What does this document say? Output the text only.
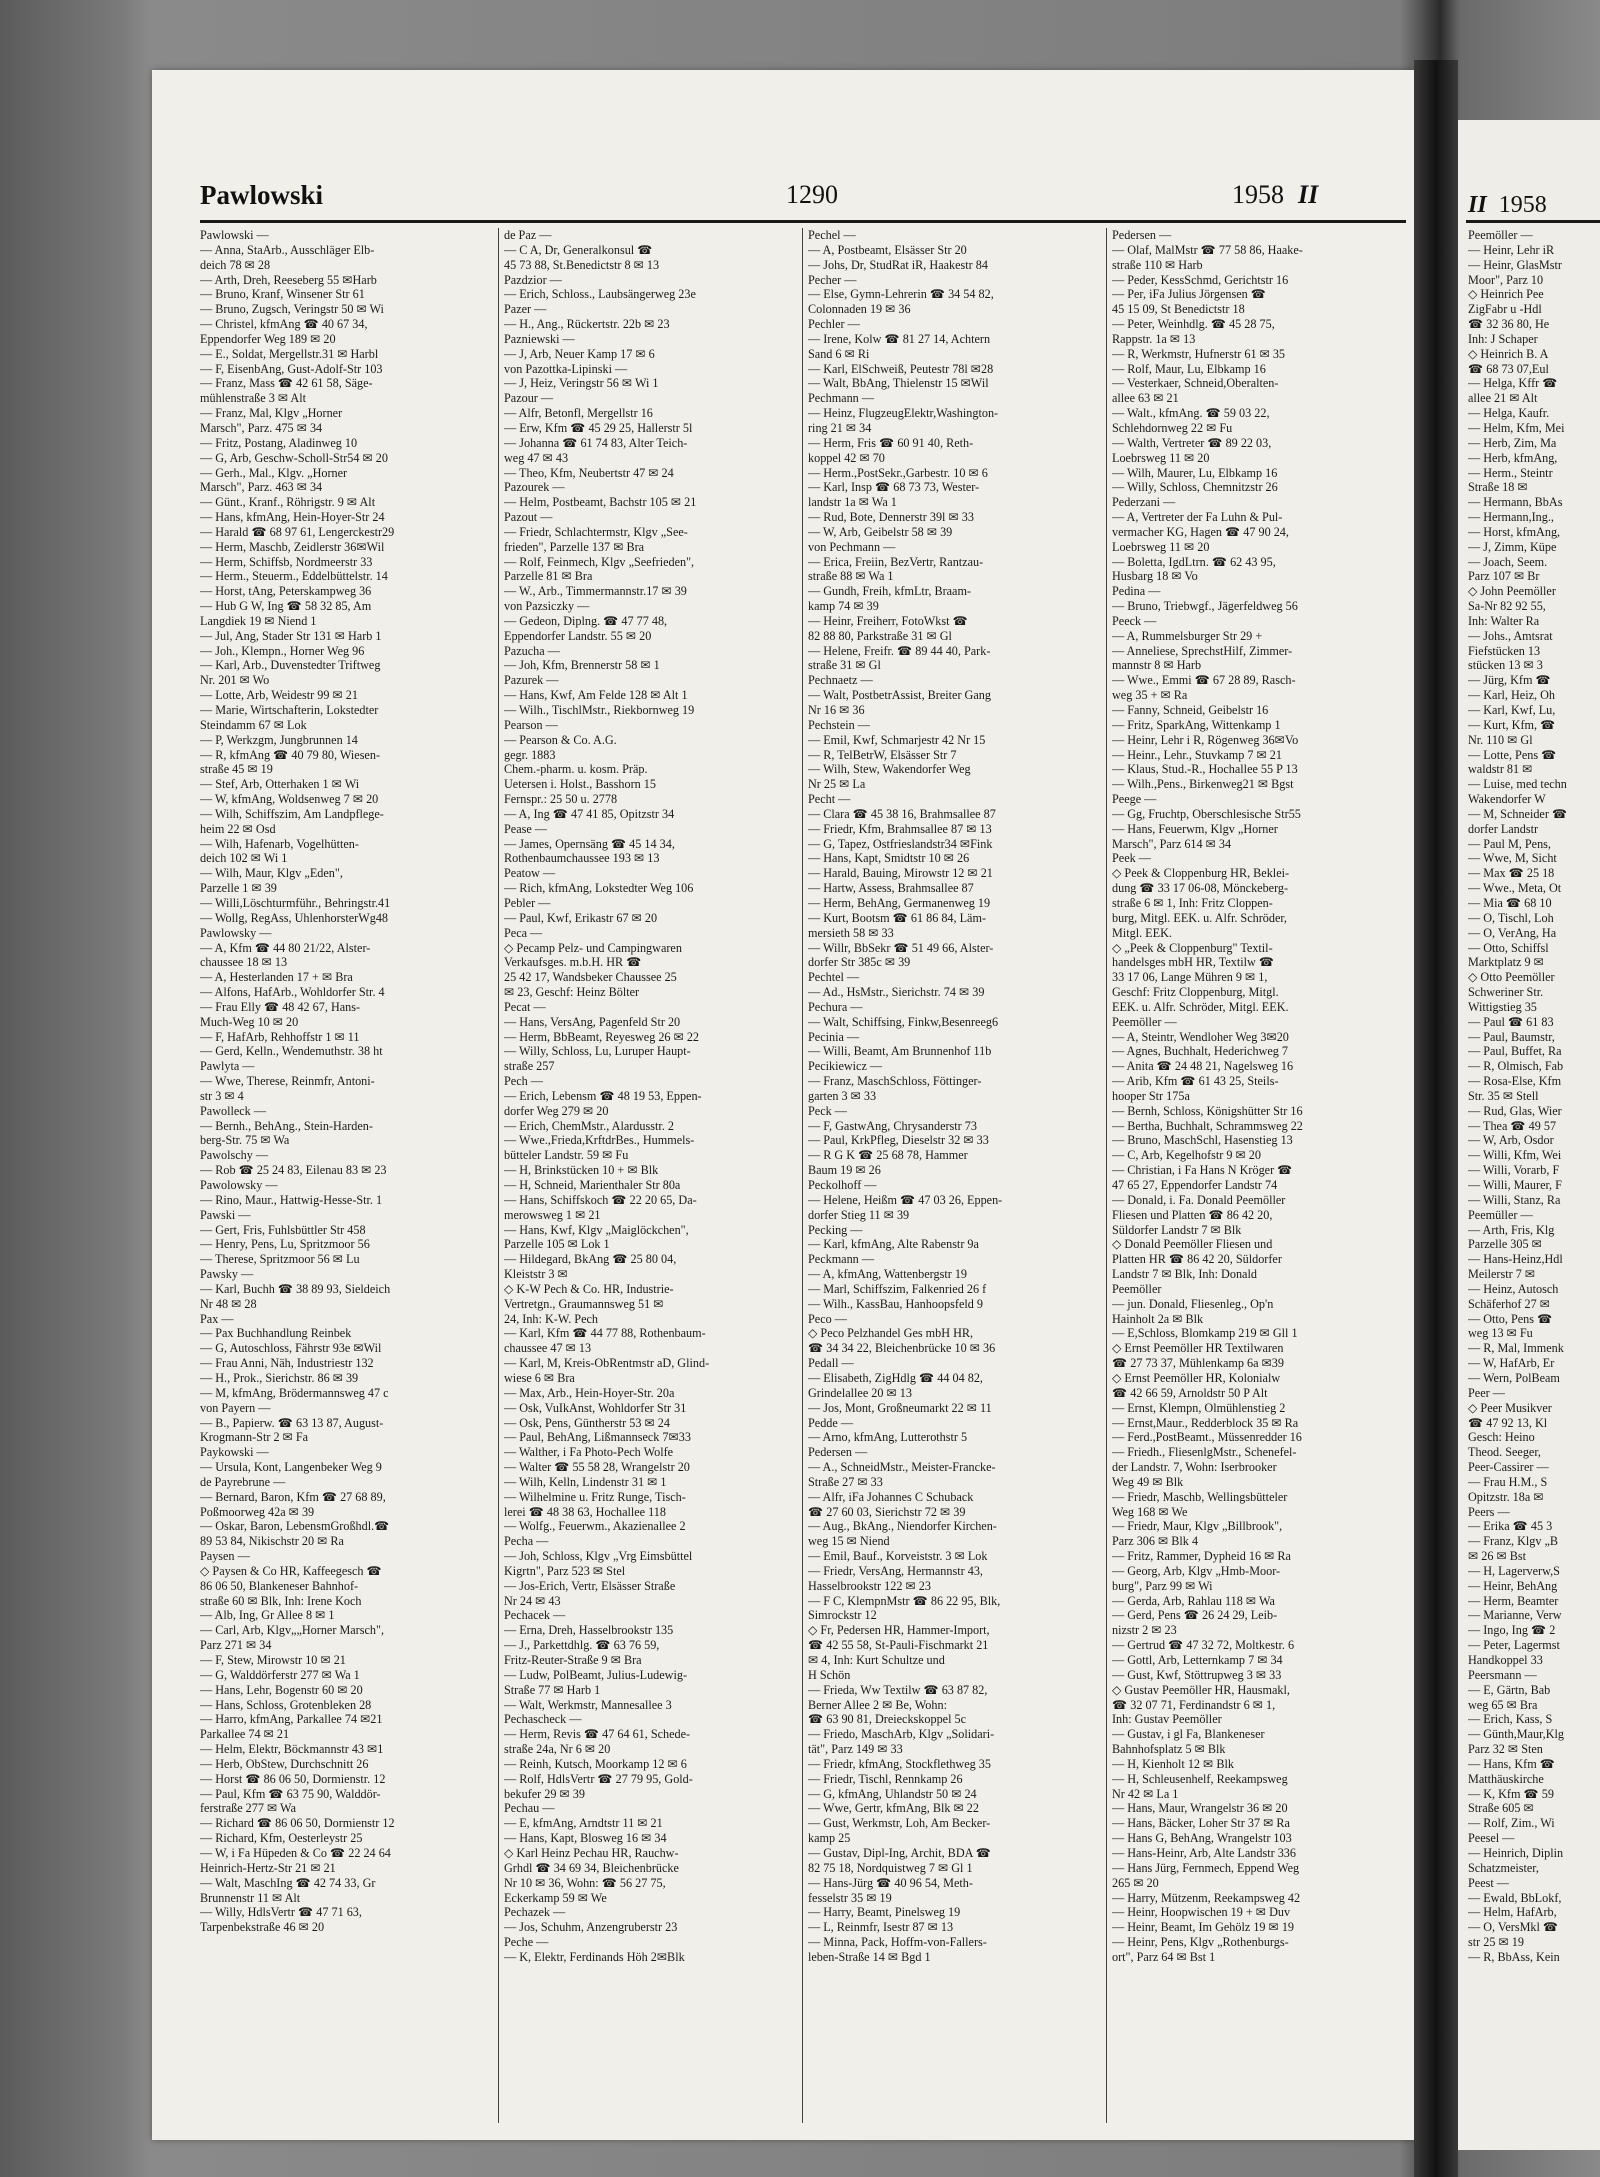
Pawlowski	1290	1958 II
Pawlowski —
— Anna, StaArb., Ausschläger Elb-
deich 78 ✉ 28
— Arth, Dreh, Reeseberg 55 ✉Harb
— Bruno, Kranf, Winsener Str 61
— Bruno, Zugsch, Veringstr 50 ✉ Wi
— Christel, kfmAng ☎ 40 67 34,
Eppendorfer Weg 189 ✉ 20
— E., Soldat, Mergellstr.31 ✉ Harbl
— F, EisenbAng, Gust-Adolf-Str 103
— Franz, Mass ☎ 42 61 58, Säge-
mühlenstraße 3 ✉ Alt
— Franz, Mal, Klgv „Horner
Marsch", Parz. 475 ✉ 34
— Fritz, Postang, Aladinweg 10
— G, Arb, Geschw-Scholl-Str54 ✉ 20
— Gerh., Mal., Klgv. „Horner
Marsch", Parz. 463 ✉ 34
— Günt., Kranf., Röhrigstr. 9 ✉ Alt
— Hans, kfmAng, Hein-Hoyer-Str 24
— Harald ☎ 68 97 61, Lengerckestr29
— Herm, Maschb, Zeidlerstr 36✉Wil
— Herm, Schiffsb, Nordmeerstr 33
— Herm., Steuerm., Eddelbüttelstr. 14
— Horst, tAng, Peterskampweg 36
— Hub G W, Ing ☎ 58 32 85, Am
Langdiek 19 ✉ Niend 1
— Jul, Ang, Stader Str 131 ✉ Harb 1
— Joh., Klempn., Horner Weg 96
— Karl, Arb., Duvenstedter Triftweg
Nr. 201 ✉ Wo
— Lotte, Arb, Weidestr 99 ✉ 21
— Marie, Wirtschafterin, Lokstedter
Steindamm 67 ✉ Lok
— P, Werkzgm, Jungbrunnen 14
— R, kfmAng ☎ 40 79 80, Wiesen-
straße 45 ✉ 19
— Stef, Arb, Otterhaken 1 ✉ Wi
— W, kfmAng, Woldsenweg 7 ✉ 20
— Wilh, Schiffszim, Am Landpflege-
heim 22 ✉ Osd
— Wilh, Hafenarb, Vogelhütten-
deich 102 ✉ Wi 1
— Wilh, Maur, Klgv „Eden",
Parzelle 1 ✉ 39
— Willi,Löschturmführ., Behringstr.41
— Wollg, RegAss, UhlenhorsterWg48
Pawlowsky —
— A, Kfm ☎ 44 80 21/22, Alster-
chaussee 18 ✉ 13
— A, Hesterlanden 17 + ✉ Bra
— Alfons, HafArb., Wohldorfer Str. 4
— Frau Elly ☎ 48 42 67, Hans-
Much-Weg 10 ✉ 20
— F, HafArb, Rehhoffstr 1 ✉ 11
— Gerd, Kelln., Wendemuthstr. 38 ht
Pawlyta —
— Wwe, Therese, Reinmfr, Antoni-
str 3 ✉ 4
Pawolleck —
— Bernh., BehAng., Stein-Harden-
berg-Str. 75 ✉ Wa
Pawolschy —
— Rob ☎ 25 24 83, Eilenau 83 ✉ 23
Pawolowsky —
— Rino, Maur., Hattwig-Hesse-Str. 1
Pawski —
— Gert, Fris, Fuhlsbüttler Str 458
— Henry, Pens, Lu, Spritzmoor 56
— Therese, Spritzmoor 56 ✉ Lu
Pawsky —
— Karl, Buchh ☎ 38 89 93, Sieldeich
Nr 48 ✉ 28
Pax —
— Pax Buchhandlung Reinbek
— G, Autoschloss, Fährstr 93e ✉Wil
— Frau Anni, Näh, Industriestr 132
— H., Prok., Sierichstr. 86 ✉ 39
— M, kfmAng, Brödermannsweg 47 c
von Payern —
— B., Papierw. ☎ 63 13 87, August-
Krogmann-Str 2 ✉ Fa
Paykowski —
— Ursula, Kont, Langenbeker Weg 9
de Payrebrune —
— Bernard, Baron, Kfm ☎ 27 68 89,
Poßmoorweg 42a ✉ 39
— Oskar, Baron, LebensmGroßhdl.☎
89 53 84, Nikischstr 20 ✉ Ra
Paysen —
◇ Paysen & Co HR, Kaffeegesch ☎
86 06 50, Blankeneser Bahnhof-
straße 60 ✉ Blk, Inh: Irene Koch
— Alb, Ing, Gr Allee 8 ✉ 1
— Carl, Arb, Klgv„„Horner Marsch",
Parz 271 ✉ 34
— F, Stew, Mirowstr 10 ✉ 21
— G, Walddörferstr 277 ✉ Wa 1
— Hans, Lehr, Bogenstr 60 ✉ 20
— Hans, Schloss, Grotenbleken 28
— Harro, kfmAng, Parkallee 74 ✉21
Parkallee 74 ✉ 21
— Helm, Elektr, Böckmannstr 43 ✉1
— Herb, ObStew, Durchschnitt 26
— Horst ☎ 86 06 50, Dormienstr. 12
— Paul, Kfm ☎ 63 75 90, Walddör-
ferstraße 277 ✉ Wa
— Richard ☎ 86 06 50, Dormienstr 12
— Richard, Kfm, Oesterleystr 25
— W, i Fa Hüpeden & Co ☎ 22 24 64
Heinrich-Hertz-Str 21 ✉ 21
— Walt, MaschIng ☎ 42 74 33, Gr
Brunnenstr 11 ✉ Alt
— Willy, HdlsVertr ☎ 47 71 63,
Tarpenbekstraße 46 ✉ 20
de Paz —
— C A, Dr, Generalkonsul ☎
45 73 88, St.Benedictstr 8 ✉ 13
Pazdzior —
— Erich, Schloss., Laubsängerweg 23e
Pazer —
— H., Ang., Rückertstr. 22b ✉ 23
Pazniewski —
— J, Arb, Neuer Kamp 17 ✉ 6
von Pazottka-Lipinski —
— J, Heiz, Veringstr 56 ✉ Wi 1
Pazour —
— Alfr, Betonfl, Mergellstr 16
— Erw, Kfm ☎ 45 29 25, Hallerstr 5l
— Johanna ☎ 61 74 83, Alter Teich-
weg 47 ✉ 43
— Theo, Kfm, Neubertstr 47 ✉ 24
Pazourek —
— Helm, Postbeamt, Bachstr 105 ✉ 21
Pazout —
— Friedr, Schlachtermstr, Klgv „See-
frieden", Parzelle 137 ✉ Bra
— Rolf, Feinmech, Klgv „Seefrieden",
Parzelle 81 ✉ Bra
— W., Arb., Timmermannstr.17 ✉ 39
von Pazsiczky —
— Gedeon, Diplng. ☎ 47 77 48,
Eppendorfer Landstr. 55 ✉ 20
Pazucha —
— Joh, Kfm, Brennerstr 58 ✉ 1
Pazurek —
— Hans, Kwf, Am Felde 128 ✉ Alt 1
— Wilh., TischlMstr., Riekbornweg 19
Pearson —
— Pearson & Co. A.G.
gegr. 1883
Chem.-pharm. u. kosm. Präp.
Uetersen i. Holst., Basshorn 15
Fernspr.: 25 50 u. 2778
— A, Ing ☎ 47 41 85, Opitzstr 34
Pease —
— James, Opernsäng ☎ 45 14 34,
Rothenbaumchaussee 193 ✉ 13
Peatow —
— Rich, kfmAng, Lokstedter Weg 106
Pebler —
— Paul, Kwf, Erikastr 67 ✉ 20
Peca —
◇ Pecamp Pelz- und Campingwaren
Verkaufsges. m.b.H. HR ☎
25 42 17, Wandsbeker Chaussee 25
✉ 23, Geschf: Heinz Bölter
Pecat —
— Hans, VersAng, Pagenfeld Str 20
— Herm, BbBeamt, Reyesweg 26 ✉ 22
— Willy, Schloss, Lu, Luruper Haupt-
straße 257
Pech —
— Erich, Lebensm ☎ 48 19 53, Eppen-
dorfer Weg 279 ✉ 20
— Erich, ChemMstr., Alardusstr. 2
— Wwe.,Frieda,KrftdrBes., Hummels-
bütteler Landstr. 59 ✉ Fu
— H, Brinkstücken 10 + ✉ Blk
— H, Schneid, Marienthaler Str 80a
— Hans, Schiffskoch ☎ 22 20 65, Da-
merowsweg 1 ✉ 21
— Hans, Kwf, Klgv „Maiglöckchen",
Parzelle 105 ✉ Lok 1
— Hildegard, BkAng ☎ 25 80 04,
Kleiststr 3 ✉
◇ K-W Pech & Co. HR, Industrie-
Vertretgn., Graumannsweg 51 ✉
24, Inh: K-W. Pech
— Karl, Kfm ☎ 44 77 88, Rothenbaum-
chaussee 47 ✉ 13
— Karl, M, Kreis-ObRentmstr aD, Glind-
wiese 6 ✉ Bra
— Max, Arb., Hein-Hoyer-Str. 20a
— Osk, VuIkAnst, Wohldorfer Str 31
— Osk, Pens, Güntherstr 53 ✉ 24
— Paul, BehAng, Lißmannseck 7✉33
— Walther, i Fa Photo-Pech Wolfe
— Walter ☎ 55 58 28, Wrangelstr 20
— Wilh, Kelln, Lindenstr 31 ✉ 1
— Wilhelmine u. Fritz Runge, Tisch-
lerei ☎ 48 38 63, Hochallee 118
— Wolfg., Feuerwm., Akazienallee 2
Pecha —
— Joh, Schloss, Klgv „Vrg Eimsbüttel
Kigrtn", Parz 523 ✉ Stel
— Jos-Erich, Vertr, Elsässer Straße
Nr 24 ✉ 43
Pechacek —
— Erna, Dreh, Hasselbrookstr 135
— J., Parkettdhlg. ☎ 63 76 59,
Fritz-Reuter-Straße 9 ✉ Bra
— Ludw, PolBeamt, Julius-Ludewig-
Straße 77 ✉ Harb 1
— Walt, Werkmstr, Mannesallee 3
Pechascheck —
— Herm, Revis ☎ 47 64 61, Schede-
straße 24a, Nr 6 ✉ 20
— Reinh, Kutsch, Moorkamp 12 ✉ 6
— Rolf, HdlsVertr ☎ 27 79 95, Gold-
bekufer 29 ✉ 39
Pechau —
— E, kfmAng, Arndtstr 11 ✉ 21
— Hans, Kapt, Blosweg 16 ✉ 34
◇ Karl Heinz Pechau HR, Rauchw-
Grhdl ☎ 34 69 34, Bleichenbrücke
Nr 10 ✉ 36, Wohn: ☎ 56 27 75,
Eckerkamp 59 ✉ We
Pechazek —
— Jos, Schuhm, Anzengruberstr 23
Peche —
— K, Elektr, Ferdinands Höh 2✉Blk
Pechel —
— A, Postbeamt, Elsässer Str 20
— Johs, Dr, StudRat iR, Haakestr 84
Pecher —
— Else, Gymn-Lehrerin ☎ 34 54 82,
Colonnaden 19 ✉ 36
Pechler —
— Irene, Kolw ☎ 81 27 14, Achtern
Sand 6 ✉ Ri
— Karl, ElSchweiß, Peutestr 78l ✉28
— Walt, BbAng, Thielenstr 15 ✉Wil
Pechmann —
— Heinz, FlugzeugElektr,Washington-
ring 21 ✉ 34
— Herm, Fris ☎ 60 91 40, Reth-
koppel 42 ✉ 70
— Herm.,PostSekr.,Garbestr. 10 ✉ 6
— Karl, Insp ☎ 68 73 73, Wester-
landstr 1a ✉ Wa 1
— Rud, Bote, Dennerstr 39l ✉ 33
— W, Arb, Geibelstr 58 ✉ 39
von Pechmann —
— Erica, Freiin, BezVertr, Rantzau-
straße 88 ✉ Wa 1
— Gundh, Freih, kfmLtr, Braam-
kamp 74 ✉ 39
— Heinr, Freiherr, FotoWkst ☎
82 88 80, Parkstraße 31 ✉ Gl
— Helene, Freifr. ☎ 89 44 40, Park-
straße 31 ✉ Gl
Pechnaetz —
— Walt, PostbetrAssist, Breiter Gang
Nr 16 ✉ 36
Pechstein —
— Emil, Kwf, Schmarjestr 42 Nr 15
— R, TelBetrW, Elsässer Str 7
— Wilh, Stew, Wakendorfer Weg
Nr 25 ✉ La
Pecht —
— Clara ☎ 45 38 16, Brahmsallee 87
— Friedr, Kfm, Brahmsallee 87 ✉ 13
— G, Tapez, Ostfrieslandstr34 ✉Fink
— Hans, Kapt, Smidtstr 10 ✉ 26
— Harald, Bauing, Mirowstr 12 ✉ 21
— Hartw, Assess, Brahmsallee 87
— Herm, BehAng, Germanenweg 19
— Kurt, Bootsm ☎ 61 86 84, Läm-
mersieth 58 ✉ 33
— Willr, BbSekr ☎ 51 49 66, Alster-
dorfer Str 385c ✉ 39
Pechtel —
— Ad., HsMstr., Sierichstr. 74 ✉ 39
Pechura —
— Walt, Schiffsing, Finkw,Besenreeg6
Pecinia —
— Willi, Beamt, Am Brunnenhof 11b
Pecikiewicz —
— Franz, MaschSchloss, Föttinger-
garten 3 ✉ 33
Peck —
— F, GastwAng, Chrysanderstr 73
— Paul, KrkPfleg, Dieselstr 32 ✉ 33
— R G K ☎ 25 68 78, Hammer
Baum 19 ✉ 26
Peckolhoff —
— Helene, Heißm ☎ 47 03 26, Eppen-
dorfer Stieg 11 ✉ 39
Pecking —
— Karl, kfmAng, Alte Rabenstr 9a
Peckmann —
— A, kfmAng, Wattenbergstr 19
— Marl, Schiffszim, Falkenried 26 f
— Wilh., KassBau, Hanhoopsfeld 9
Peco —
◇ Peco Pelzhandel Ges mbH HR,
☎ 34 34 22, Bleichenbrücke 10 ✉ 36
Pedall —
— Elisabeth, ZigHdlg ☎ 44 04 82,
Grindelallee 20 ✉ 13
— Jos, Mont, Großneumarkt 22 ✉ 11
Pedde —
— Arno, kfmAng, Lutterothstr 5
Pedersen —
— A., SchneidMstr., Meister-Francke-
Straße 27 ✉ 33
— Alfr, iFa Johannes C Schuback
☎ 27 60 03, Sierichstr 72 ✉ 39
— Aug., BkAng., Niendorfer Kirchen-
weg 15 ✉ Niend
— Emil, Bauf., Korveiststr. 3 ✉ Lok
— Friedr, VersAng, Hermannstr 43,
Hasselbrookstr 122 ✉ 23
— F C, KlempnMstr ☎ 86 22 95, Blk,
Simrockstr 12
◇ Fr, Pedersen HR, Hammer-Import,
☎ 42 55 58, St-Pauli-Fischmarkt 21
✉ 4, Inh: Kurt Schultze und
H Schön
— Frieda, Ww Textilw ☎ 63 87 82,
Berner Allee 2 ✉ Be, Wohn:
☎ 63 90 81, Dreieckskoppel 5c
— Friedo, MaschArb, Klgv „Solidari-
tät", Parz 149 ✉ 33
— Friedr, kfmAng, Stockflethweg 35
— Friedr, Tischl, Rennkamp 26
— G, kfmAng, Uhlandstr 50 ✉ 24
— Wwe, Gertr, kfmAng, Blk ✉ 22
— Gust, Werkmstr, Loh, Am Becker-
kamp 25
— Gustav, Dipl-Ing, Archit, BDA ☎
82 75 18, Nordquistweg 7 ✉ Gl 1
— Hans-Jürg ☎ 40 96 54, Meth-
fesselstr 35 ✉ 19
— Harry, Beamt, Pinelsweg 19
— L, Reinmfr, Isestr 87 ✉ 13
— Minna, Pack, Hoffm-von-Fallers-
leben-Straße 14 ✉ Bgd 1
Pedersen —
— Olaf, MalMstr ☎ 77 58 86, Haake-
straße 110 ✉ Harb
— Peder, KessSchmd, Gerichtstr 16
— Per, iFa Julius Jörgensen ☎
45 15 09, St Benedictstr 18
— Peter, Weinhdlg. ☎ 45 28 75,
Rappstr. 1a ✉ 13
— R, Werkmstr, Hufnerstr 61 ✉ 35
— Rolf, Maur, Lu, Elbkamp 16
— Vesterkaer, Schneid,Oberalten-
allee 63 ✉ 21
— Walt., kfmAng. ☎ 59 03 22,
Schlehdornweg 22 ✉ Fu
— Walth, Vertreter ☎ 89 22 03,
Loebrsweg 11 ✉ 20
— Wilh, Maurer, Lu, Elbkamp 16
— Willy, Schloss, Chemnitzstr 26
Pederzani —
— A, Vertreter der Fa Luhn & Pul-
vermacher KG, Hagen ☎ 47 90 24,
Loebrsweg 11 ✉ 20
— Boletta, IgdLtrn. ☎ 62 43 95,
Husbarg 18 ✉ Vo
Pedina —
— Bruno, Triebwgf., Jägerfeldweg 56
Peeck —
— A, Rummelsburger Str 29 +
— Anneliese, SprechstHilf, Zimmer-
mannstr 8 ✉ Harb
— Wwe., Emmi ☎ 67 28 89, Rasch-
weg 35 + ✉ Ra
— Fanny, Schneid, Geibelstr 16
— Fritz, SparkAng, Wittenkamp 1
— Heinr, Lehr i R, Rögenweg 36✉Vo
— Heinr., Lehr., Stuvkamp 7 ✉ 21
— Klaus, Stud.-R., Hochallee 55 P 13
— Wilh.,Pens., Birkenweg21 ✉ Bgst
Peege —
— Gg, Fruchtp, Oberschlesische Str55
— Hans, Feuerwm, Klgv „Horner
Marsch", Parz 614 ✉ 34
Peek —
◇ Peek & Cloppenburg HR, Beklei-
dung ☎ 33 17 06-08, Mönckeberg-
straße 6 ✉ 1, Inh: Fritz Cloppen-
burg, Mitgl. EEK. u. Alfr. Schröder,
Mitgl. EEK.
◇ „Peek & Cloppenburg" Textil-
handelsges mbH HR, Textilw ☎
33 17 06, Lange Mühren 9 ✉ 1,
Geschf: Fritz Cloppenburg, Mitgl.
EEK. u. Alfr. Schröder, Mitgl. EEK.
Peemöller —
— A, Steintr, Wendloher Weg 3✉20
— Agnes, Buchhalt, Hederichweg 7
— Anita ☎ 24 48 21, Nagelsweg 16
— Arib, Kfm ☎ 61 43 25, Steils-
hooper Str 175a
— Bernh, Schloss, Königshütter Str 16
— Bertha, Buchhalt, Schrammsweg 22
— Bruno, MaschSchl, Hasenstieg 13
— C, Arb, Kegelhofstr 9 ✉ 20
— Christian, i Fa Hans N Kröger ☎
47 65 27, Eppendorfer Landstr 74
— Donald, i. Fa. Donald Peemöller
Fliesen und Platten ☎ 86 42 20,
Süldorfer Landstr 7 ✉ Blk
◇ Donald Peemöller Fliesen und
Platten HR ☎ 86 42 20, Süldorfer
Landstr 7 ✉ Blk, Inh: Donald
Peemöller
— jun. Donald, Fliesenleg., Op'n
Hainholt 2a ✉ Blk
— E,Schloss, Blomkamp 219 ✉ Gll 1
◇ Ernst Peemöller HR Textilwaren
☎ 27 73 37, Mühlenkamp 6a ✉39
◇ Ernst Peemöller HR, Kolonialw
☎ 42 66 59, Arnoldstr 50 P Alt
— Ernst, Klempn, Olmühlenstieg 2
— Ernst,Maur., Redderblock 35 ✉ Ra
— Ferd.,PostBeamt., Müssenredder 16
— Friedh., FliesenlgMstr., Schenefel-
der Landstr. 7, Wohn: Iserbrooker
Weg 49 ✉ Blk
— Friedr, Maschb, Wellingsbütteler
Weg 168 ✉ We
— Friedr, Maur, Klgv „Billbrook",
Parz 306 ✉ Blk 4
— Fritz, Rammer, Dypheid 16 ✉ Ra
— Georg, Arb, Klgv „Hmb-Moor-
burg", Parz 99 ✉ Wi
— Gerda, Arb, Rahlau 118 ✉ Wa
— Gerd, Pens ☎ 26 24 29, Leib-
nizstr 2 ✉ 23
— Gertrud ☎ 47 32 72, Moltkestr. 6
— Gottl, Arb, Letternkamp 7 ✉ 34
— Gust, Kwf, Stöttrupweg 3 ✉ 33
◇ Gustav Peemöller HR, Hausmakl,
☎ 32 07 71, Ferdinandstr 6 ✉ 1,
Inh: Gustav Peemöller
— Gustav, i gl Fa, Blankeneser
Bahnhofsplatz 5 ✉ Blk
— H, Kienholt 12 ✉ Blk
— H, Schleusenhelf, Reekampsweg
Nr 42 ✉ La 1
— Hans, Maur, Wrangelstr 36 ✉ 20
— Hans, Bäcker, Loher Str 37 ✉ Ra
— Hans G, BehAng, Wrangelstr 103
— Hans-Heinr, Arb, Alte Landstr 336
— Hans Jürg, Fernmech, Eppend Weg
265 ✉ 20
— Harry, Mützenm, Reekampsweg 42
— Heinr, Hoopwischen 19 + ✉ Duv
— Heinr, Beamt, Im Gehölz 19 ✉ 19
— Heinr, Pens, Klgv „Rothenburgs-
ort", Parz 64 ✉ Bst 1
II 1958
Peemöller —
— Heinr, Lehr iR
— Heinr, GlasMstr
Moor", Parz 10
◇ Heinrich Pee
ZigFabr u -Hdl
☎ 32 36 80, He
Inh: J Schaper
◇ Heinrich B. A
☎ 68 73 07,Eul
— Helga, Kffr ☎
allee 21 ✉ Alt
— Helga, Kaufr.
— Helm, Kfm, Mei
— Herb, Zim, Ma
— Herb, kfmAng,
— Herm., Steintr
Straße 18 ✉
— Hermann, BbAs
— Hermann,Ing.,
— Horst, kfmAng,
— J, Zimm, Küpe
— Joach, Seem.
Parz 107 ✉ Br
◇ John Peemöller
Sa-Nr 82 92 55,
Inh: Walter Ra
— Johs., Amtsrat
Fiefstücken 13
stücken 13 ✉ 3
— Jürg, Kfm ☎
— Karl, Heiz, Oh
— Karl, Kwf, Lu,
— Kurt, Kfm, ☎
Nr. 110 ✉ Gl
— Lotte, Pens ☎
waldstr 81 ✉
— Luise, med techn
Wakendorfer W
— M, Schneider ☎
dorfer Landstr
— Paul M, Pens,
— Wwe, M, Sicht
— Max ☎ 25 18
— Wwe., Meta, Ot
— Mia ☎ 68 10
— O, Tischl, Loh
— O, VerAng, Ha
— Otto, Schiffsl
Marktplatz 9 ✉
◇ Otto Peemöller
Schweriner Str.
Wittigstieg 35
— Paul ☎ 61 83
— Paul, Baumstr,
— Paul, Buffet, Ra
— R, Olmisch, Fab
— Rosa-Else, Kfm
Str. 35 ✉ Stell
— Rud, Glas, Wier
— Thea ☎ 49 57
— W, Arb, Osdor
— Willi, Kfm, Wei
— Willi, Vorarb, F
— Willi, Maurer, F
— Willi, Stanz, Ra
Peemüller —
— Arth, Fris, Klg
Parzelle 305 ✉
— Hans-Heinz,Hdl
Meilerstr 7 ✉
— Heinz, Autosch
Schäferhof 27 ✉
— Otto, Pens ☎
weg 13 ✉ Fu
— R, Mal, Immenk
— W, HafArb, Er
— Wern, PolBeam
Peer —
◇ Peer Musikver
☎ 47 92 13, Kl
Gesch: Heino
Theod. Seeger,
Peer-Cassirer —
— Frau H.M., S
Opitzstr. 18a ✉
Peers —
— Erika ☎ 45 3
— Franz, Klgv „B
✉ 26 ✉ Bst
— H, Lagerverw,S
— Heinr, BehAng
— Herm, Beamter
— Marianne, Verw
— Ingo, Ing ☎ 2
— Peter, Lagermst
Handkoppel 33
Peersmann —
— E, Gärtn, Bab
weg 65 ✉ Bra
— Erich, Kass, S
— Günth,Maur,Klg
Parz 32 ✉ Sten
— Hans, Kfm ☎
Matthäuskirche
— K, Kfm ☎ 59
Straße 605 ✉
— Rolf, Zim., Wi
Peesel —
— Heinrich, Diplin
Schatzmeister,
Peest —
— Ewald, BbLokf,
— Helm, HafArb,
— O, VersMkl ☎
str 25 ✉ 19
— R, BbAss, Kein
